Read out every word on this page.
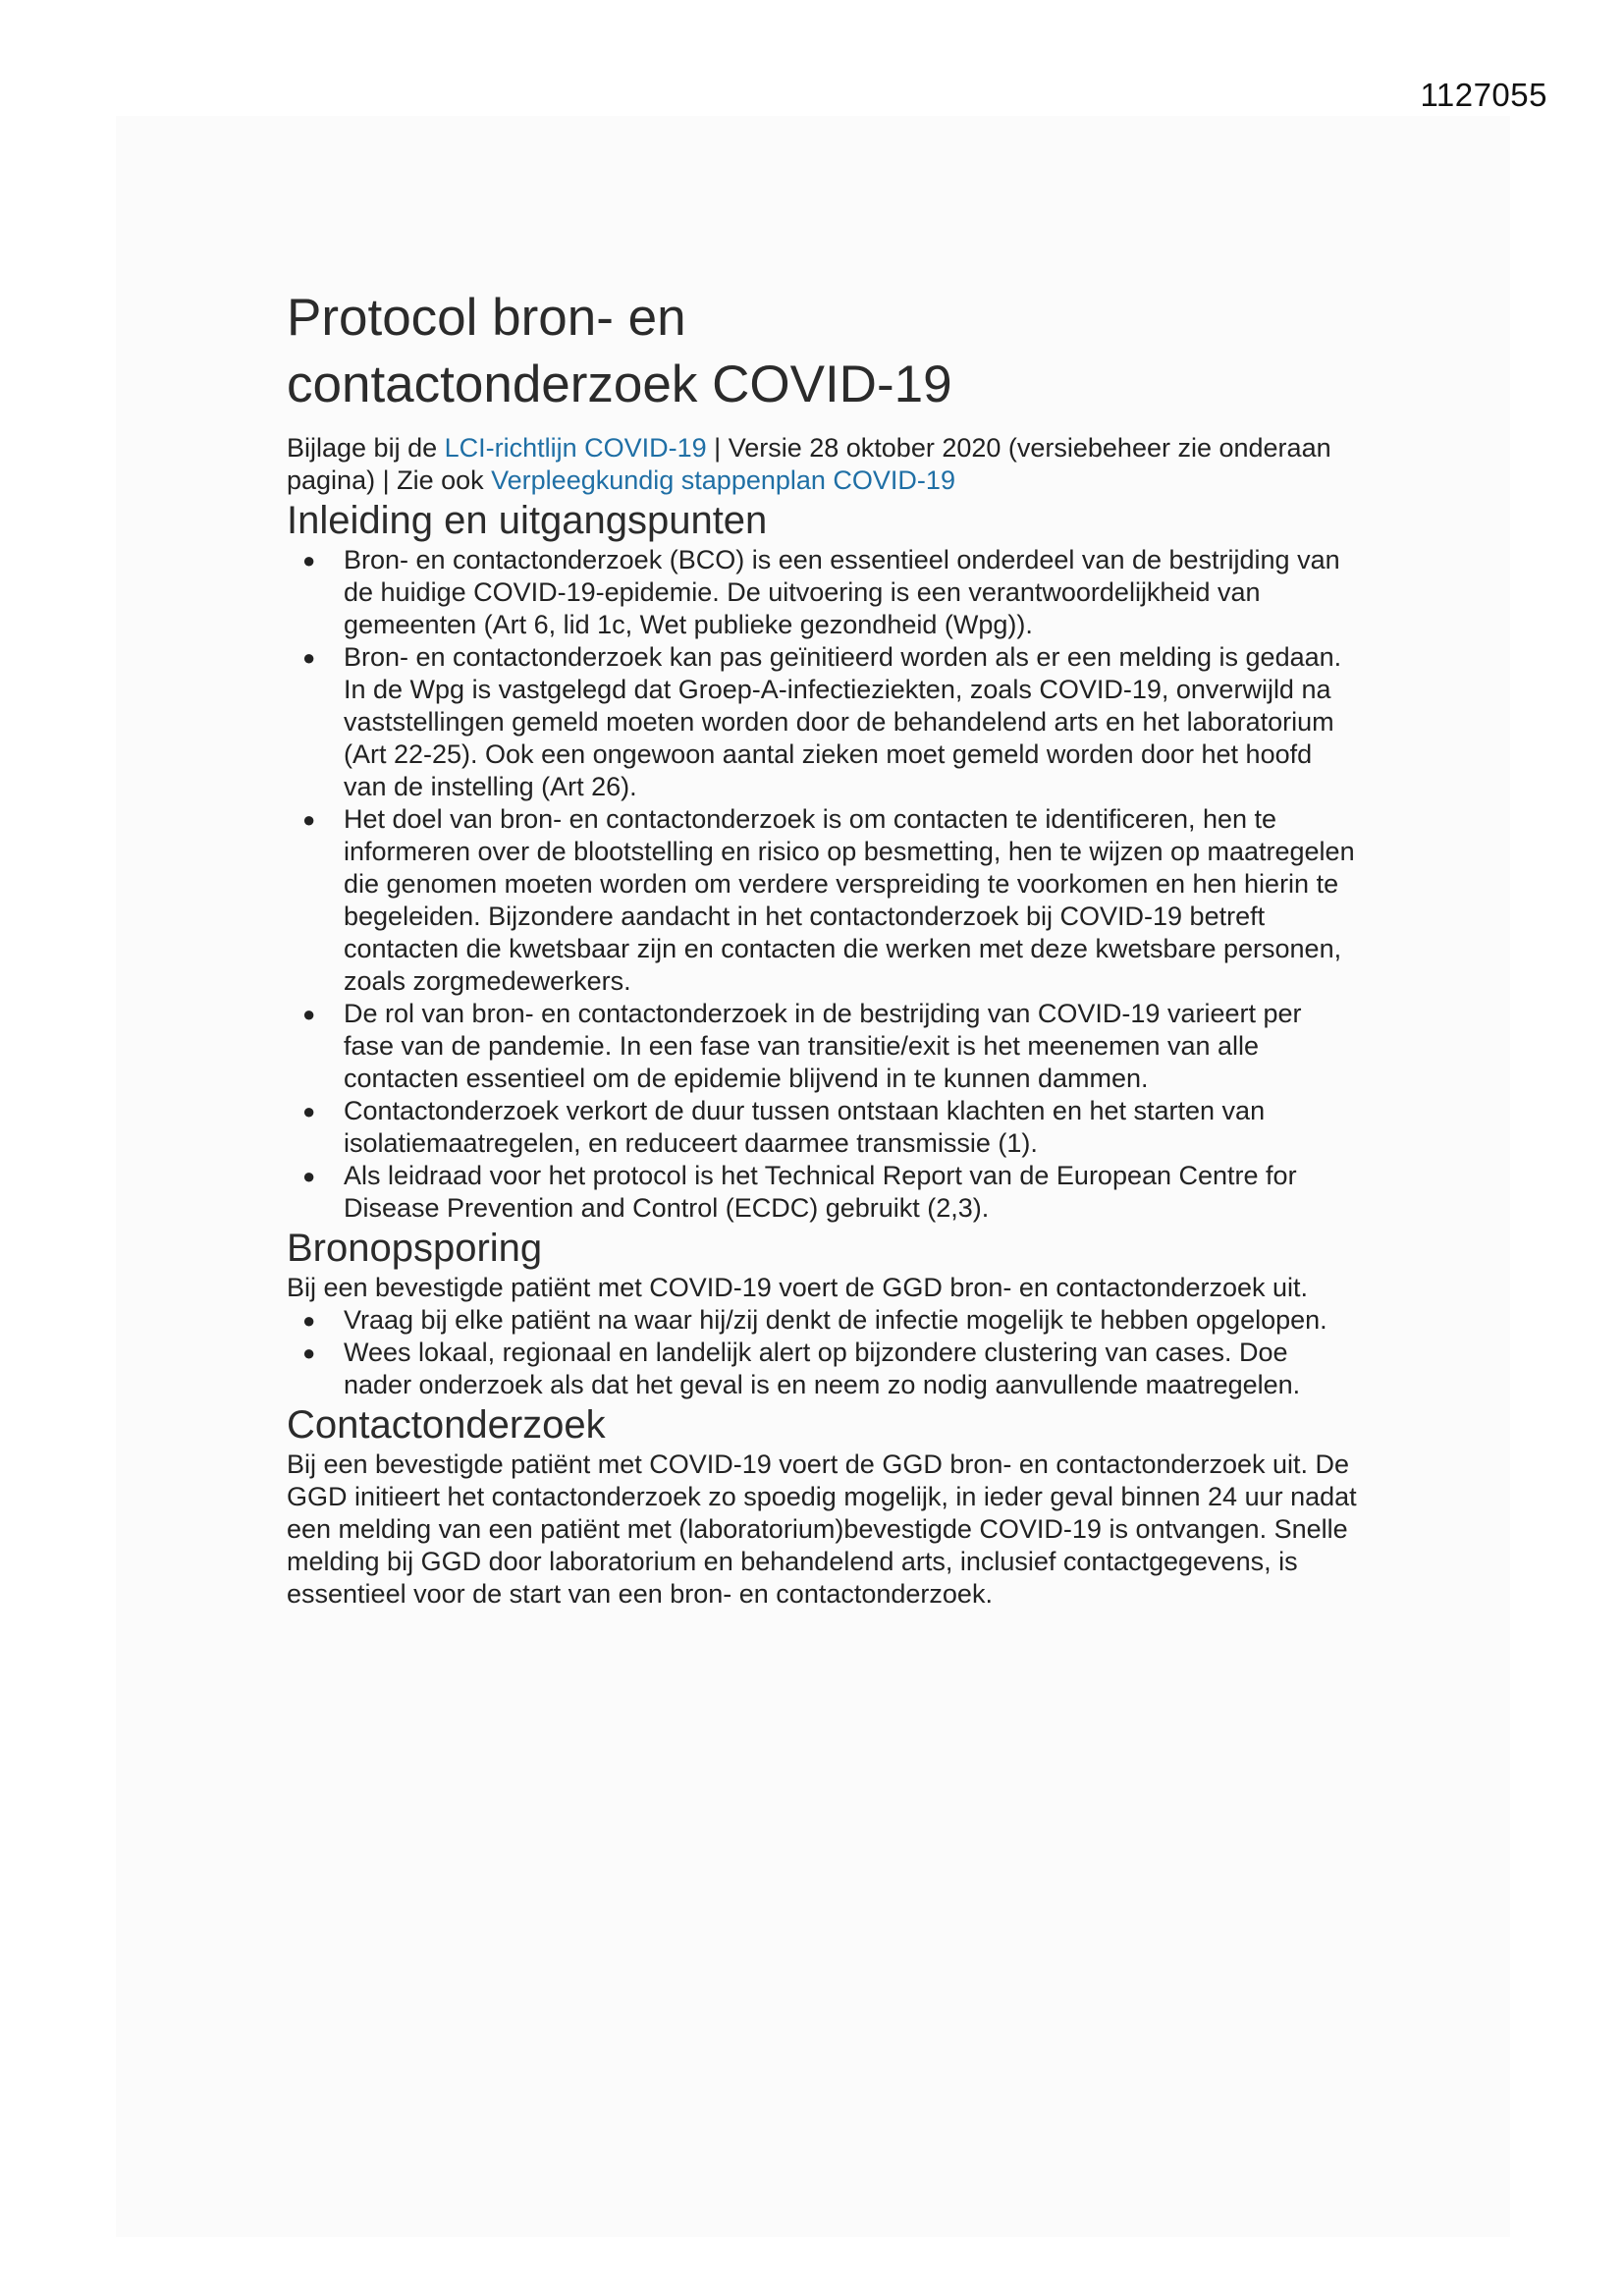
1127055
Protocol bron- en
contactonderzoek COVID-19
Bijlage bij de LCI-richtlijn COVID-19 | Versie 28 oktober 2020 (versiebeheer zie onderaan pagina) | Zie ook Verpleegkundig stappenplan COVID-19
Inleiding en uitgangspunten
● Bron- en contactonderzoek (BCO) is een essentieel onderdeel van de bestrijding van de huidige COVID-19-epidemie. De uitvoering is een verantwoordelijkheid van gemeenten (Art 6, lid 1c, Wet publieke gezondheid (Wpg)).
● Bron- en contactonderzoek kan pas geïnitieerd worden als er een melding is gedaan. In de Wpg is vastgelegd dat Groep-A-infectieziekten, zoals COVID-19, onverwijld na vaststellingen gemeld moeten worden door de behandelend arts en het laboratorium (Art 22-25). Ook een ongewoon aantal zieken moet gemeld worden door het hoofd van de instelling (Art 26).
● Het doel van bron- en contactonderzoek is om contacten te identificeren, hen te informeren over de blootstelling en risico op besmetting, hen te wijzen op maatregelen die genomen moeten worden om verdere verspreiding te voorkomen en hen hierin te begeleiden. Bijzondere aandacht in het contactonderzoek bij COVID-19 betreft contacten die kwetsbaar zijn en contacten die werken met deze kwetsbare personen, zoals zorgmedewerkers.
● De rol van bron- en contactonderzoek in de bestrijding van COVID-19 varieert per fase van de pandemie. In een fase van transitie/exit is het meenemen van alle contacten essentieel om de epidemie blijvend in te kunnen dammen.
● Contactonderzoek verkort de duur tussen ontstaan klachten en het starten van isolatiemaatregelen, en reduceert daarmee transmissie (1).
● Als leidraad voor het protocol is het Technical Report van de European Centre for Disease Prevention and Control (ECDC) gebruikt (2,3).
Bronopsporing

Bij een bevestigde patiënt met COVID-19 voert de GGD bron- en contactonderzoek uit.

● Vraag bij elke patiënt na waar hij/zij denkt de infectie mogelijk te hebben opgelopen.
● Wees lokaal, regionaal en landelijk alert op bijzondere clustering van cases. Doe nader onderzoek als dat het geval is en neem zo nodig aanvullende maatregelen.
Contactonderzoek

Bij een bevestigde patiënt met COVID-19 voert de GGD bron- en contactonderzoek uit. De GGD initieert het contactonderzoek zo spoedig mogelijk, in ieder geval binnen 24 uur nadat een melding van een patiënt met (laboratorium)bevestigde COVID-19 is ontvangen. Snelle melding bij GGD door laboratorium en behandelend arts, inclusief contactgegevens, is essentieel voor de start van een bron- en contactonderzoek.
